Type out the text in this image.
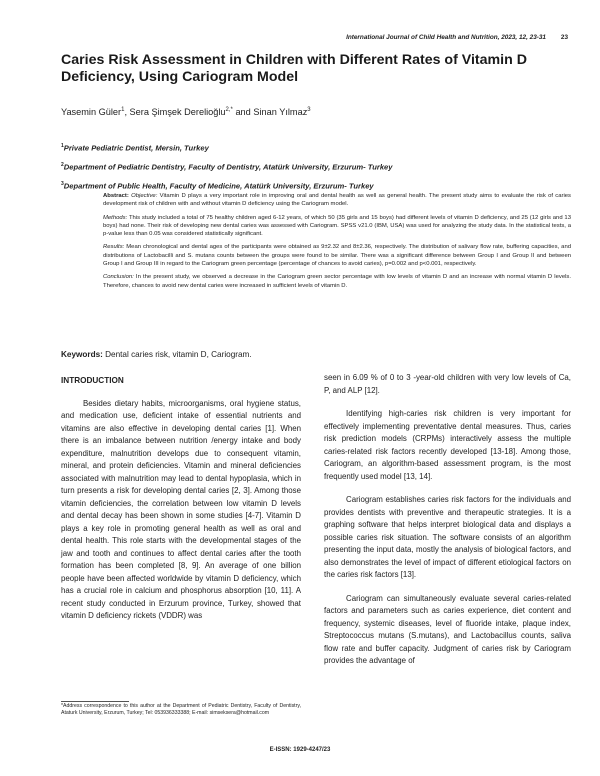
International Journal of Child Health and Nutrition, 2023, 12, 23-31 23
Caries Risk Assessment in Children with Different Rates of Vitamin D Deficiency, Using Cariogram Model
Yasemin Güler$^1$, Sera Şimşek Derelioğlu$^{2,*}$ and Sinan Yılmaz$^3$
$^1$Private Pediatric Dentist, Mersin, Turkey
$^2$Department of Pediatric Dentistry, Faculty of Dentistry, Atatürk University, Erzurum- Turkey
$^3$Department of Public Health, Faculty of Medicine, Atatürk University, Erzurum- Turkey

Abstract: Objective: Vitamin D plays a very important role in improving oral and dental health as well as general health. The present study aims to evaluate the risk of caries development risk of children with and without vitamin D deficiency using the Cariogram model.

Methods: This study included a total of 75 healthy children aged 6-12 years, of which 50 (35 girls and 15 boys) had different levels of vitamin D deficiency, and 25 (12 girls and 13 boys) had none. Their risk of developing new dental caries was assessed with Cariogram. SPSS v21.0 (IBM, USA) was used for analyzing the study data. In the statistical tests, a p-value less than 0.05 was considered statistically significant.

Results: Mean chronological and dental ages of the participants were obtained as 9±2.32 and 8±2.36, respectively. The distribution of salivary flow rate, buffering capacities, and distributions of Lactobacilli and S. mutans counts between the groups were found to be similar. There was a significant difference between Group I and Group II and between Group I and Group III in regard to the Cariogram green percentage (percentage of chances to avoid caries), p=0.002 and p<0.001, respectively.

Conclusion: In the present study, we observed a decrease in the Cariogram green sector percentage with low levels of vitamin D and an increase with normal vitamin D levels. Therefore, chances to avoid new dental caries were increased in sufficient levels of vitamin D.

Keywords: Dental caries risk, vitamin D, Cariogram.
INTRODUCTION

Besides dietary habits, microorganisms, oral hygiene status, and medication use, deficient intake of essential nutrients and vitamins are also effective in developing dental caries [1]. When there is an imbalance between nutrition /energy intake and body expenditure, malnutrition develops due to consequent vitamin, mineral, and protein deficiencies. Vitamin and mineral deficiencies associated with malnutrition may lead to dental hypoplasia, which in turn presents a risk for developing dental caries [2, 3]. Among those vitamin deficiencies, the correlation between low vitamin D levels and dental decay has been shown in some studies [4-7]. Vitamin D plays a key role in promoting general health as well as oral and dental health. This role starts with the developmental stages of the jaw and tooth and continues to affect dental caries after the tooth formation has been completed [8, 9]. An average of one billion people have been affected worldwide by vitamin D deficiency, which has a crucial role in calcium and phosphorus absorption [10, 11]. A recent study conducted in Erzurum province, Turkey, showed that vitamin D deficiency rickets (VDDR) was

seen in 6.09 % of 0 to 3 -year-old children with very low levels of Ca, P, and ALP [12].

Identifying high-caries risk children is very important for effectively implementing preventative dental measures. Thus, caries risk prediction models (CRPMs) interactively assess the multiple caries-related risk factors recently developed [13-18]. Among those, Cariogram, an algorithm-based assessment program, is the most frequently used model [13, 14].

Cariogram establishes caries risk factors for the individuals and provides dentists with preventive and therapeutic strategies. It is a graphing software that helps interpret biological data and displays a possible caries risk situation. The software consists of an algorithm presenting the input data, mostly the analysis of biological factors, and also demonstrates the level of impact of different etiological factors on the caries risk factors [13].

Cariogram can simultaneously evaluate several caries-related factors and parameters such as caries experience, diet content and frequency, systemic diseases, level of fluoride intake, plaque index, Streptococcus mutans (S.mutans), and Lactobacillus counts, saliva flow rate and buffer capacity. Judgment of caries risk by Cariogram provides the advantage of

*Address correspondence to this author at the Department of Pediatric Dentistry, Faculty of Dentistry, Ataturk University, Erzurum, Turkey; Tel: 053936333388; E-mail: simseksera@hotmail.com
E-ISSN: 1929-4247/23
